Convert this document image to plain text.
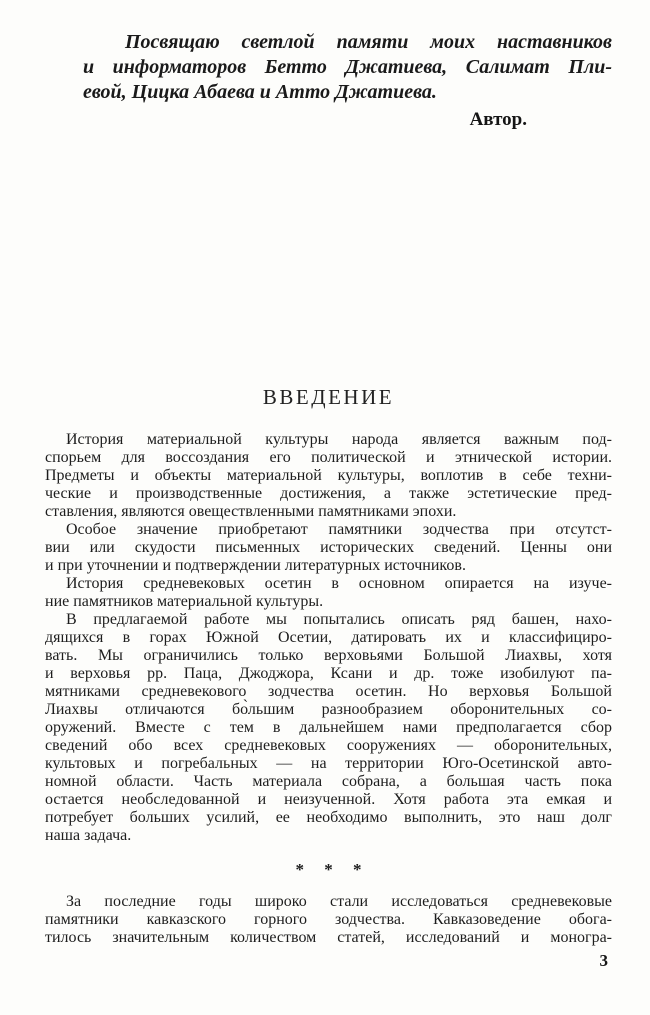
Посвящаю светлой памяти моих наставников
и информаторов Бетто Джатиева, Салимат Пли-
евой, Цицка Абаева и Атто Джатиева.
Автор.
ВВЕДЕНИЕ
История материальной культуры народа является важным под-
спорьем для воссоздания его политической и этнической истории.
Предметы и объекты материальной культуры, воплотив в себе техни-
ческие и производственные достижения, а также эстетические пред-
ставления, являются овеществленными памятниками эпохи.
Особое значение приобретают памятники зодчества при отсутст-
вии или скудости письменных исторических сведений. Ценны они
и при уточнении и подтверждении литературных источников.
История средневековых осетин в основном опирается на изуче-
ние памятников материальной культуры.
В предлагаемой работе мы попытались описать ряд башен, нахо-
дящихся в горах Южной Осетии, датировать их и классифициро-
вать. Мы ограничились только верховьями Большой Лиахвы, хотя
и верховья рр. Паца, Джоджора, Ксани и др. тоже изобилуют па-
мятниками средневекового зодчества осетин. Но верховья Большой
Лиахвы отличаются бо̀льшим разнообразием оборонительных со-
оружений. Вместе с тем в дальнейшем нами предполагается сбор
сведений обо всех средневековых сооружениях — оборонительных,
культовых и погребальных — на территории Юго-Осетинской авто-
номной области. Часть материала собрана, а большая часть пока
остается необследованной и неизученной. Хотя работа эта емкая и
потребует больших усилий, ее необходимо выполнить, это наш долг
наша задача.
* * *
За последние годы широко стали исследоваться средневековые
памятники кавказского горного зодчества. Кавказоведение обога-
тилось значительным количеством статей, исследований и моногра-
3
